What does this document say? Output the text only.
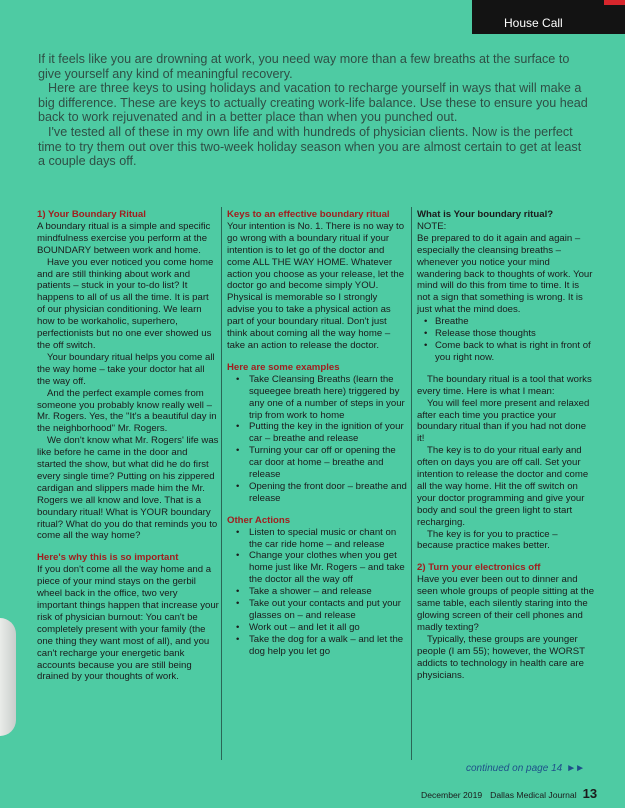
House Call

If it feels like you are drowning at work, you need way more than a few breaths at the surface to give yourself any kind of meaningful recovery.

Here are three keys to using holidays and vacation to recharge yourself in ways that will make a big difference. These are keys to actually creating work-life balance. Use these to ensure you head back to work rejuvenated and in a better place than when you punched out.

I've tested all of these in my own life and with hundreds of physician clients. Now is the perfect time to try them out over this two-week holiday season when you are almost certain to get at least a couple days off.

1) Your Boundary Ritual

A boundary ritual is a simple and specific mindfulness exercise you perform at the BOUNDARY between work and home.

Have you ever noticed you come home and are still thinking about work and patients – stuck in your to-do list? It happens to all of us all the time. It is part of our physician conditioning. We learn how to be workaholic, superhero, perfectionists but no one ever showed us the off switch.

Your boundary ritual helps you come all the way home – take your doctor hat all the way off.

And the perfect example comes from someone you probably know really well – Mr. Rogers. Yes, the "It's a beautiful day in the neighborhood" Mr. Rogers.

We don't know what Mr. Rogers' life was like before he came in the door and started the show, but what did he do first every single time? Putting on his zippered cardigan and slippers made him the Mr. Rogers we all know and love. That is a boundary ritual! What is YOUR boundary ritual? What do you do that reminds you to come all the way home?

Here's why this is so important

If you don't come all the way home and a piece of your mind stays on the gerbil wheel back in the office, two very important things happen that increase your risk of physician burnout: You can't be completely present with your family (the one thing they want most of all), and you can't recharge your energetic bank accounts because you are still being drained by your thoughts of work.

Keys to an effective boundary ritual

Your intention is No. 1. There is no way to go wrong with a boundary ritual if your intention is to let go of the doctor and come ALL THE WAY HOME. Whatever action you choose as your release, let the doctor go and become simply YOU. Physical is memorable so I strongly advise you to take a physical action as part of your boundary ritual. Don't just think about coming all the way home – take an action to release the doctor.

Here are some examples
• Take Cleansing Breaths (learn the squeegee breath here) triggered by any one of a number of steps in your trip from work to home
• Putting the key in the ignition of your car – breathe and release
• Turning your car off or opening the car door at home – breathe and release
• Opening the front door – breathe and release
Other Actions
• Listen to special music or chant on the car ride home – and release
• Change your clothes when you get home just like Mr. Rogers – and take the doctor all the way off
• Take a shower – and release
• Take out your contacts and put your glasses on – and release
• Work out – and let it all go
• Take the dog for a walk – and let the dog help you let go
What is Your boundary ritual?
NOTE:

Be prepared to do it again and again – especially the cleansing breaths – whenever you notice your mind wandering back to thoughts of work. Your mind will do this from time to time. It is not a sign that something is wrong. It is just what the mind does.

• Breathe
• Release those thoughts
• Come back to what is right in front of you right now.

The boundary ritual is a tool that works every time. Here is what I mean:

You will feel more present and relaxed after each time you practice your boundary ritual than if you had not done it!

The key is to do your ritual early and often on days you are off call. Set your intention to release the doctor and come all the way home. Hit the off switch on your doctor programming and give your body and soul the green light to start recharging.

The key is for you to practice – because practice makes better.

2) Turn your electronics off

Have you ever been out to dinner and seen whole groups of people sitting at the same table, each silently staring into the glowing screen of their cell phones and madly texting?

Typically, these groups are younger people (I am 55); however, the WORST addicts to technology in health care are physicians.

continued on page 14 ►►
December 2019 Dallas Medical Journal 13
